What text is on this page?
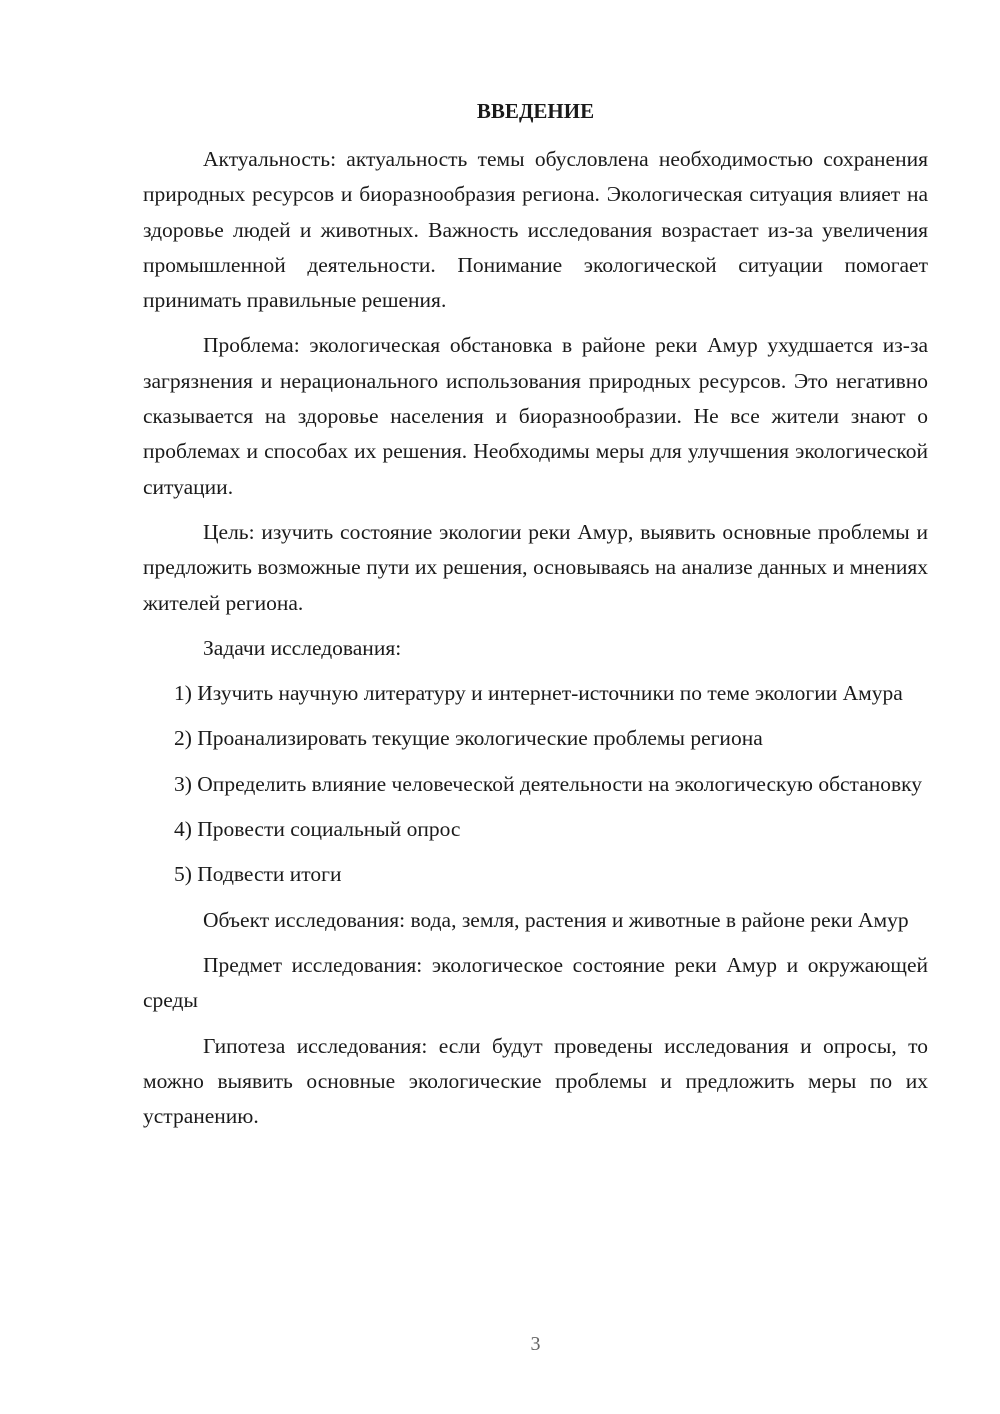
ВВЕДЕНИЕ

Актуальность: актуальность темы обусловлена необходимостью сохранения природных ресурсов и биоразнообразия региона. Экологическая ситуация влияет на здоровье людей и животных. Важность исследования возрастает из-за увеличения промышленной деятельности. Понимание экологической ситуации помогает принимать правильные решения.

Проблема: экологическая обстановка в районе реки Амур ухудшается из-за загрязнения и нерационального использования природных ресурсов. Это негативно сказывается на здоровье населения и биоразнообразии. Не все жители знают о проблемах и способах их решения. Необходимы меры для улучшения экологической ситуации.

Цель: изучить состояние экологии реки Амур, выявить основные проблемы и предложить возможные пути их решения, основываясь на анализе данных и мнениях жителей региона.

Задачи исследования:

1) Изучить научную литературу и интернет-источники по теме экологии Амура

2) Проанализировать текущие экологические проблемы региона

3) Определить влияние человеческой деятельности на экологическую обстановку

4) Провести социальный опрос

5) Подвести итоги

Объект исследования: вода, земля, растения и животные в районе реки Амур

Предмет исследования: экологическое состояние реки Амур и окружающей среды

Гипотеза исследования: если будут проведены исследования и опросы, то можно выявить основные экологические проблемы и предложить меры по их устранению.

3
